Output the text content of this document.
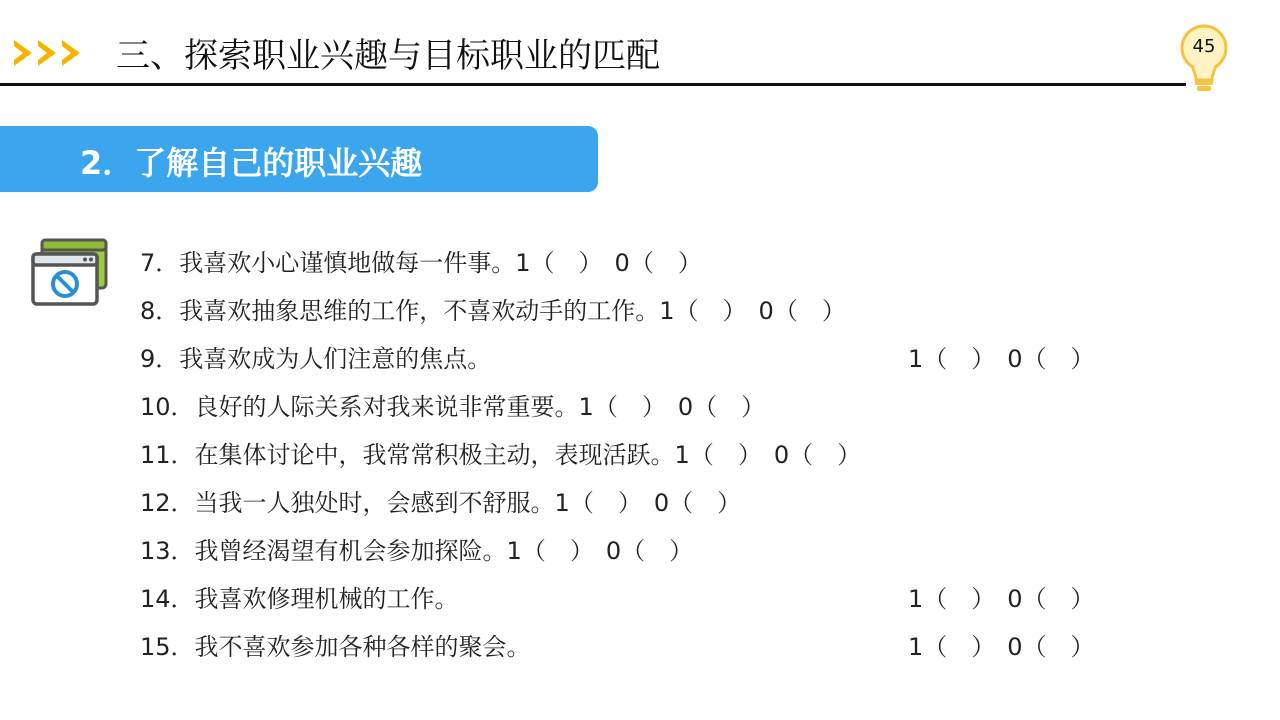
三、探索职业兴趣与目标职业的匹配	45
2．了解自己的职业兴趣
7．我喜欢小心谨慎地做每一件事。1（　）　0（　）
8．我喜欢抽象思维的工作，不喜欢动手的工作。1（　）　0（　）
9．我喜欢成为人们注意的焦点。	1（　）　0（　）
10．良好的人际关系对我来说非常重要。1（　）　0（　）
11．在集体讨论中，我常常积极主动，表现活跃。1（　）　0（　）
12．当我一人独处时，会感到不舒服。1（　）　0（　）
13．我曾经渴望有机会参加探险。1（　）　0（　）
14．我喜欢修理机械的工作。	1（　）　0（　）
15．我不喜欢参加各种各样的聚会。	1（　）　0（　）
